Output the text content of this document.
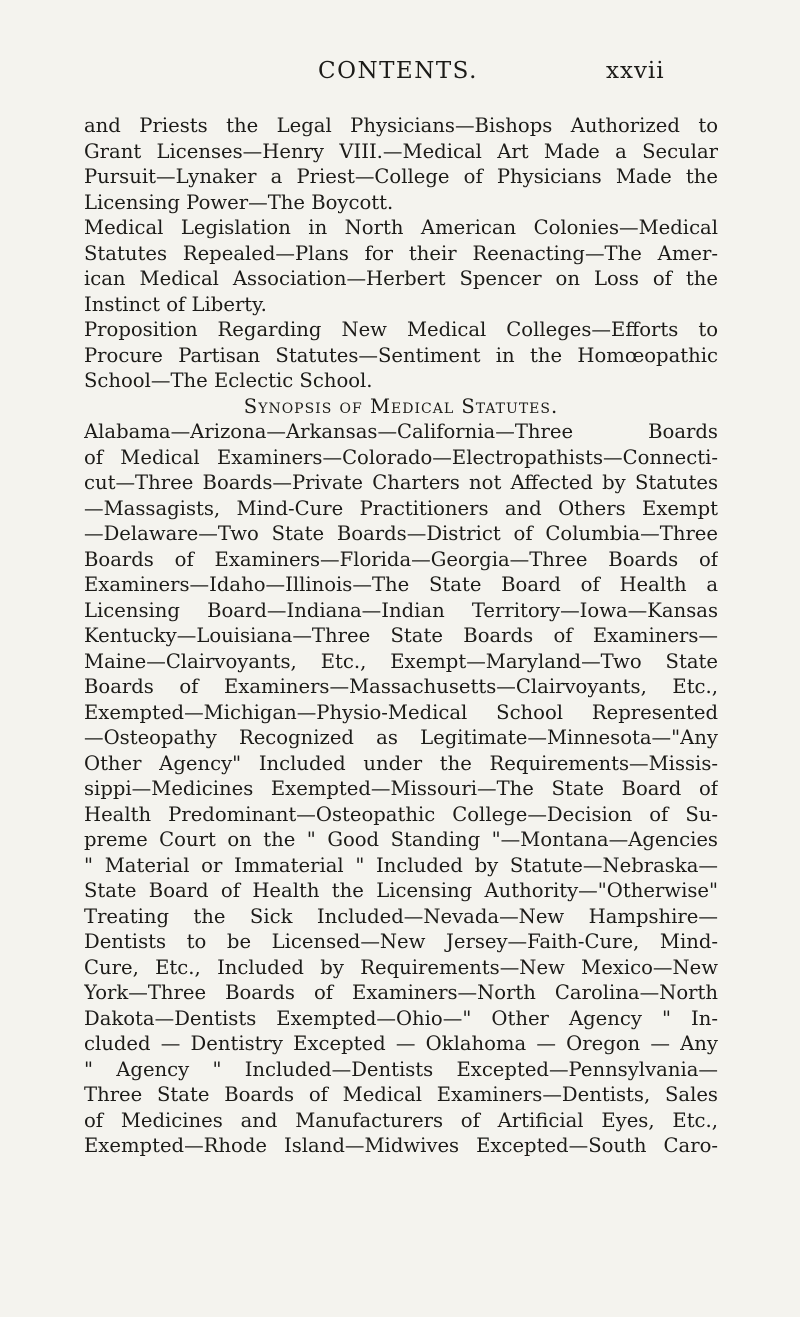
CONTENTS.	xxvii
and Priests the Legal Physicians—Bishops Authorized to
Grant Licenses—Henry VIII.—Medical Art Made a Secular
Pursuit—Lynaker a Priest—College of Physicians Made the
Licensing Power—The Boycott.
Medical Legislation in North American Colonies—Medical
Statutes Repealed—Plans for their Reenacting—The Amer-
ican Medical Association—Herbert Spencer on Loss of the
Instinct of Liberty.
Proposition Regarding New Medical Colleges—Efforts to
Procure Partisan Statutes—Sentiment in the Homœopathic
School—The Eclectic School.
Synopsis of Medical Statutes.
Alabama—Arizona—Arkansas—California—Three Boards
of Medical Examiners—Colorado—Electropathists—Connecti-
cut—Three Boards—Private Charters not Affected by Statutes
—Massagists, Mind-Cure Practitioners and Others Exempt
—Delaware—Two State Boards—District of Columbia—Three
Boards of Examiners—Florida—Georgia—Three Boards of
Examiners—Idaho—Illinois—The State Board of Health a
Licensing Board—Indiana—Indian Territory—Iowa—Kansas
Kentucky—Louisiana—Three State Boards of Examiners—
Maine—Clairvoyants, Etc., Exempt—Maryland—Two State
Boards of Examiners—Massachusetts—Clairvoyants, Etc.,
Exempted—Michigan—Physio-Medical School Represented
—Osteopathy Recognized as Legitimate—Minnesota—"Any
Other Agency" Included under the Requirements—Missis-
sippi—Medicines Exempted—Missouri—The State Board of
Health Predominant—Osteopathic College—Decision of Su-
preme Court on the " Good Standing "—Montana—Agencies
" Material or Immaterial " Included by Statute—Nebraska—
State Board of Health the Licensing Authority—"Otherwise"
Treating the Sick Included—Nevada—New Hampshire—
Dentists to be Licensed—New Jersey—Faith-Cure, Mind-
Cure, Etc., Included by Requirements—New Mexico—New
York—Three Boards of Examiners—North Carolina—North
Dakota—Dentists Exempted—Ohio—" Other Agency " In-
cluded — Dentistry Excepted — Oklahoma — Oregon — Any
" Agency " Included—Dentists Excepted—Pennsylvania—
Three State Boards of Medical Examiners—Dentists, Sales
of Medicines and Manufacturers of Artificial Eyes, Etc.,
Exempted—Rhode Island—Midwives Excepted—South Caro-
